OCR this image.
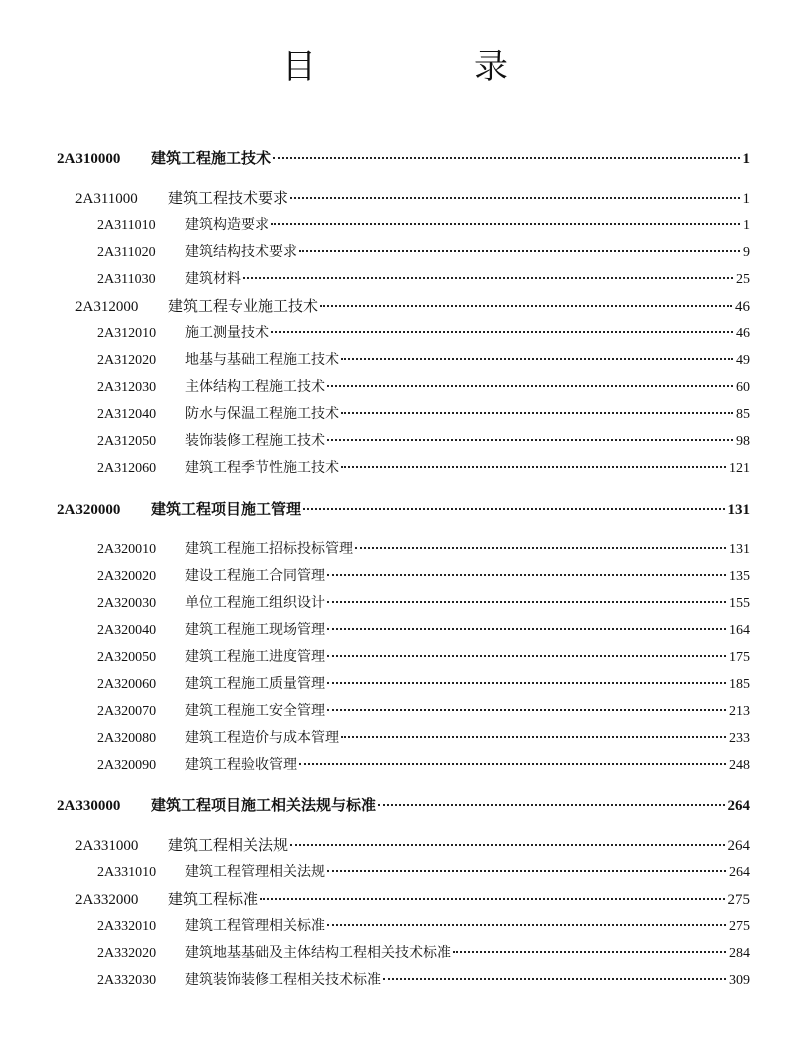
目　录
2A310000	建筑工程施工技术	1
2A311000	建筑工程技术要求	1
2A311010	建筑构造要求	1
2A311020	建筑结构技术要求	9
2A311030	建筑材料	25
2A312000	建筑工程专业施工技术	46
2A312010	施工测量技术	46
2A312020	地基与基础工程施工技术	49
2A312030	主体结构工程施工技术	60
2A312040	防水与保温工程施工技术	85
2A312050	装饰装修工程施工技术	98
2A312060	建筑工程季节性施工技术	121
2A320000	建筑工程项目施工管理	131
2A320010	建筑工程施工招标投标管理	131
2A320020	建设工程施工合同管理	135
2A320030	单位工程施工组织设计	155
2A320040	建筑工程施工现场管理	164
2A320050	建筑工程施工进度管理	175
2A320060	建筑工程施工质量管理	185
2A320070	建筑工程施工安全管理	213
2A320080	建筑工程造价与成本管理	233
2A320090	建筑工程验收管理	248
2A330000	建筑工程项目施工相关法规与标准	264
2A331000	建筑工程相关法规	264
2A331010	建筑工程管理相关法规	264
2A332000	建筑工程标准	275
2A332010	建筑工程管理相关标准	275
2A332020	建筑地基基础及主体结构工程相关技术标准	284
2A332030	建筑装饰装修工程相关技术标准	309
